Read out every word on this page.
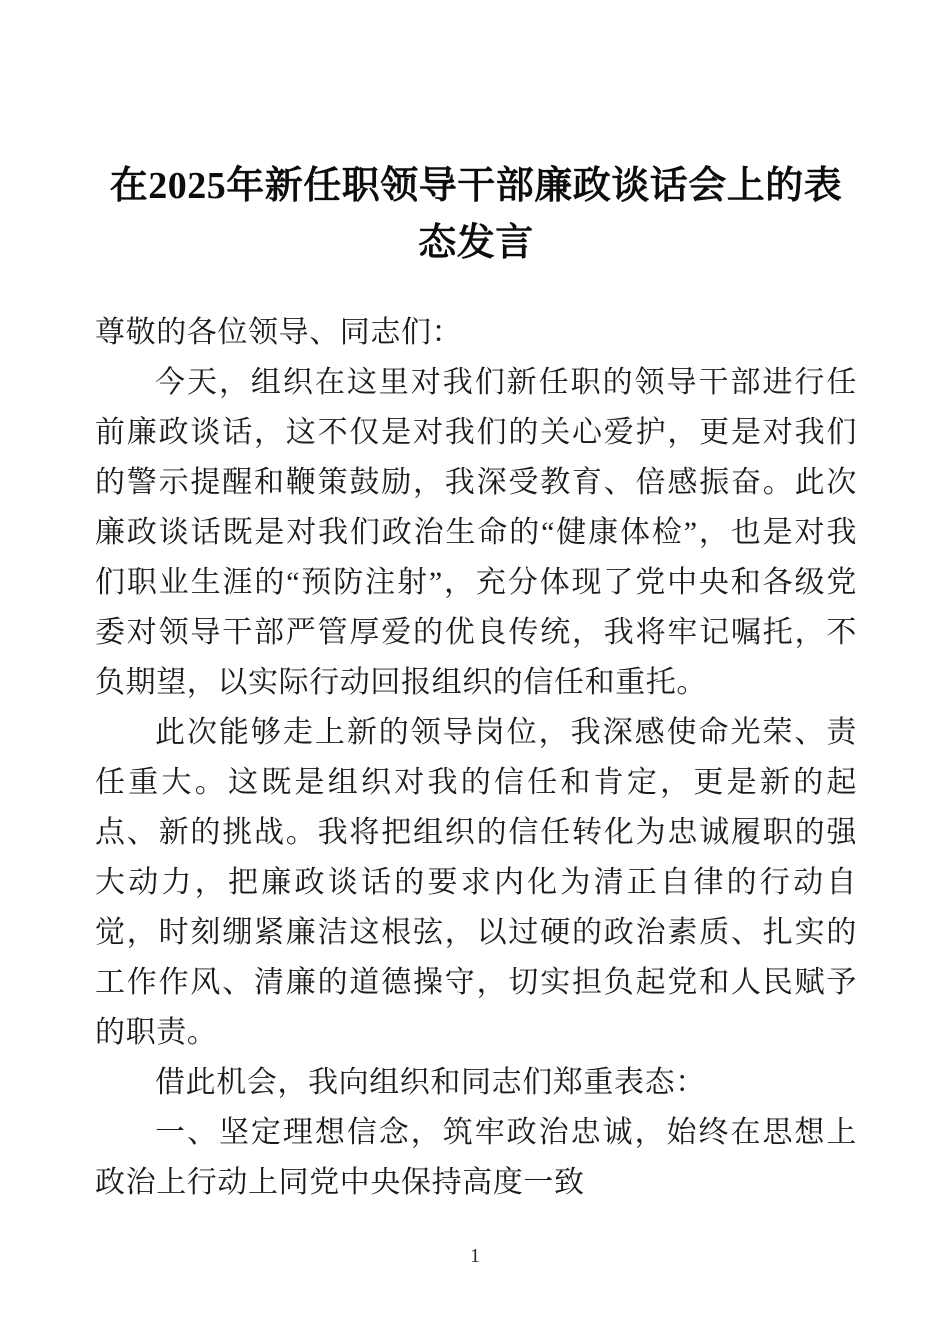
在2025年新任职领导干部廉政谈话会上的表态发言

尊敬的各位领导、同志们：

今天，组织在这里对我们新任职的领导干部进行任前廉政谈话，这不仅是对我们的关心爱护，更是对我们的警示提醒和鞭策鼓励，我深受教育、倍感振奋。此次廉政谈话既是对我们政治生命的“健康体检”，也是对我们职业生涯的“预防注射”，充分体现了党中央和各级党委对领导干部严管厚爱的优良传统，我将牢记嘱托，不负期望，以实际行动回报组织的信任和重托。

此次能够走上新的领导岗位，我深感使命光荣、责任重大。这既是组织对我的信任和肯定，更是新的起点、新的挑战。我将把组织的信任转化为忠诚履职的强大动力，把廉政谈话的要求内化为清正自律的行动自觉，时刻绷紧廉洁这根弦，以过硬的政治素质、扎实的工作作风、清廉的道德操守，切实担负起党和人民赋予的职责。

借此机会，我向组织和同志们郑重表态：

一、坚定理想信念，筑牢政治忠诚，始终在思想上政治上行动上同党中央保持高度一致

1
